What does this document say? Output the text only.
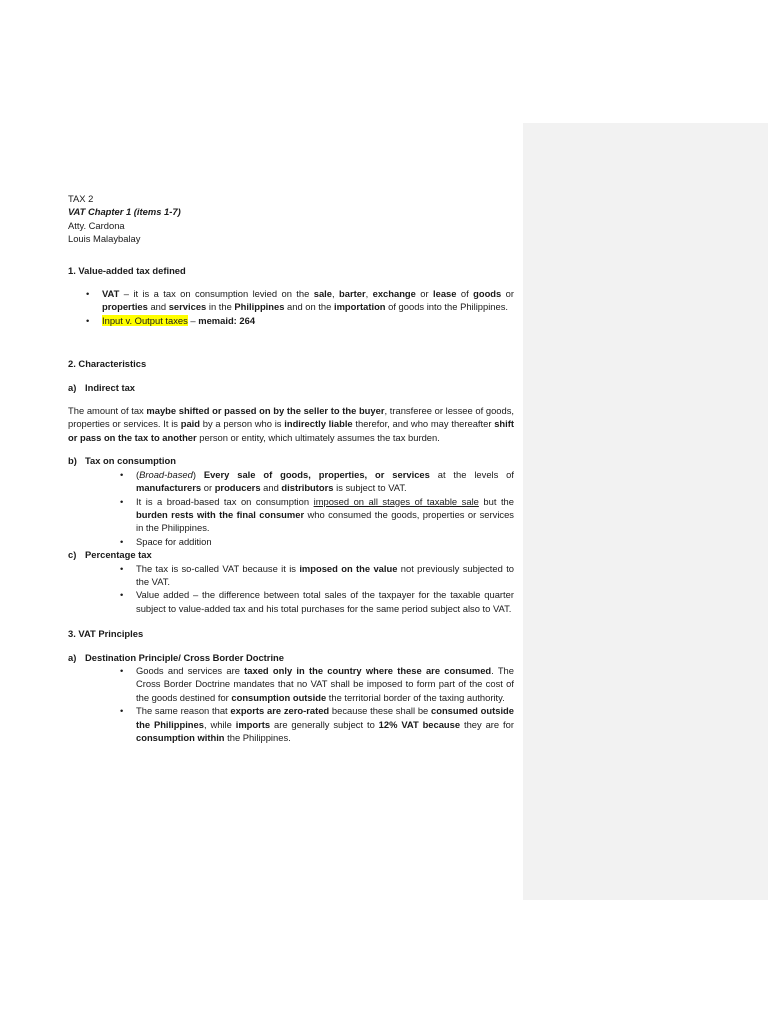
TAX 2

VAT Chapter 1 (items 1-7)

Atty. Cardona

Louis Malaybalay

1. Value-added tax defined

• VAT – it is a tax on consumption levied on the sale, barter, exchange or lease of goods or properties and services in the Philippines and on the importation of goods into the Philippines.
• Input v. Output taxes – memaid: 264

2. Characteristics

a) Indirect tax

The amount of tax maybe shifted or passed on by the seller to the buyer, transferee or lessee of goods, properties or services. It is paid by a person who is indirectly liable therefor, and who may thereafter shift or pass on the tax to another person or entity, which ultimately assumes the tax burden.

b) Tax on consumption

• (Broad-based) Every sale of goods, properties, or services at the levels of manufacturers or producers and distributors is subject to VAT.
• It is a broad-based tax on consumption imposed on all stages of taxable sale but the burden rests with the final consumer who consumed the goods, properties or services in the Philippines.
• Space for addition

c) Percentage tax

• The tax is so-called VAT because it is imposed on the value not previously subjected to the VAT.
• Value added – the difference between total sales of the taxpayer for the taxable quarter subject to value-added tax and his total purchases for the same period subject also to VAT.

3. VAT Principles

a) Destination Principle/ Cross Border Doctrine

• Goods and services are taxed only in the country where these are consumed. The Cross Border Doctrine mandates that no VAT shall be imposed to form part of the cost of the goods destined for consumption outside the territorial border of the taxing authority.
• The same reason that exports are zero-rated because these shall be consumed outside the Philippines, while imports are generally subject to 12% VAT because they are for consumption within the Philippines.
